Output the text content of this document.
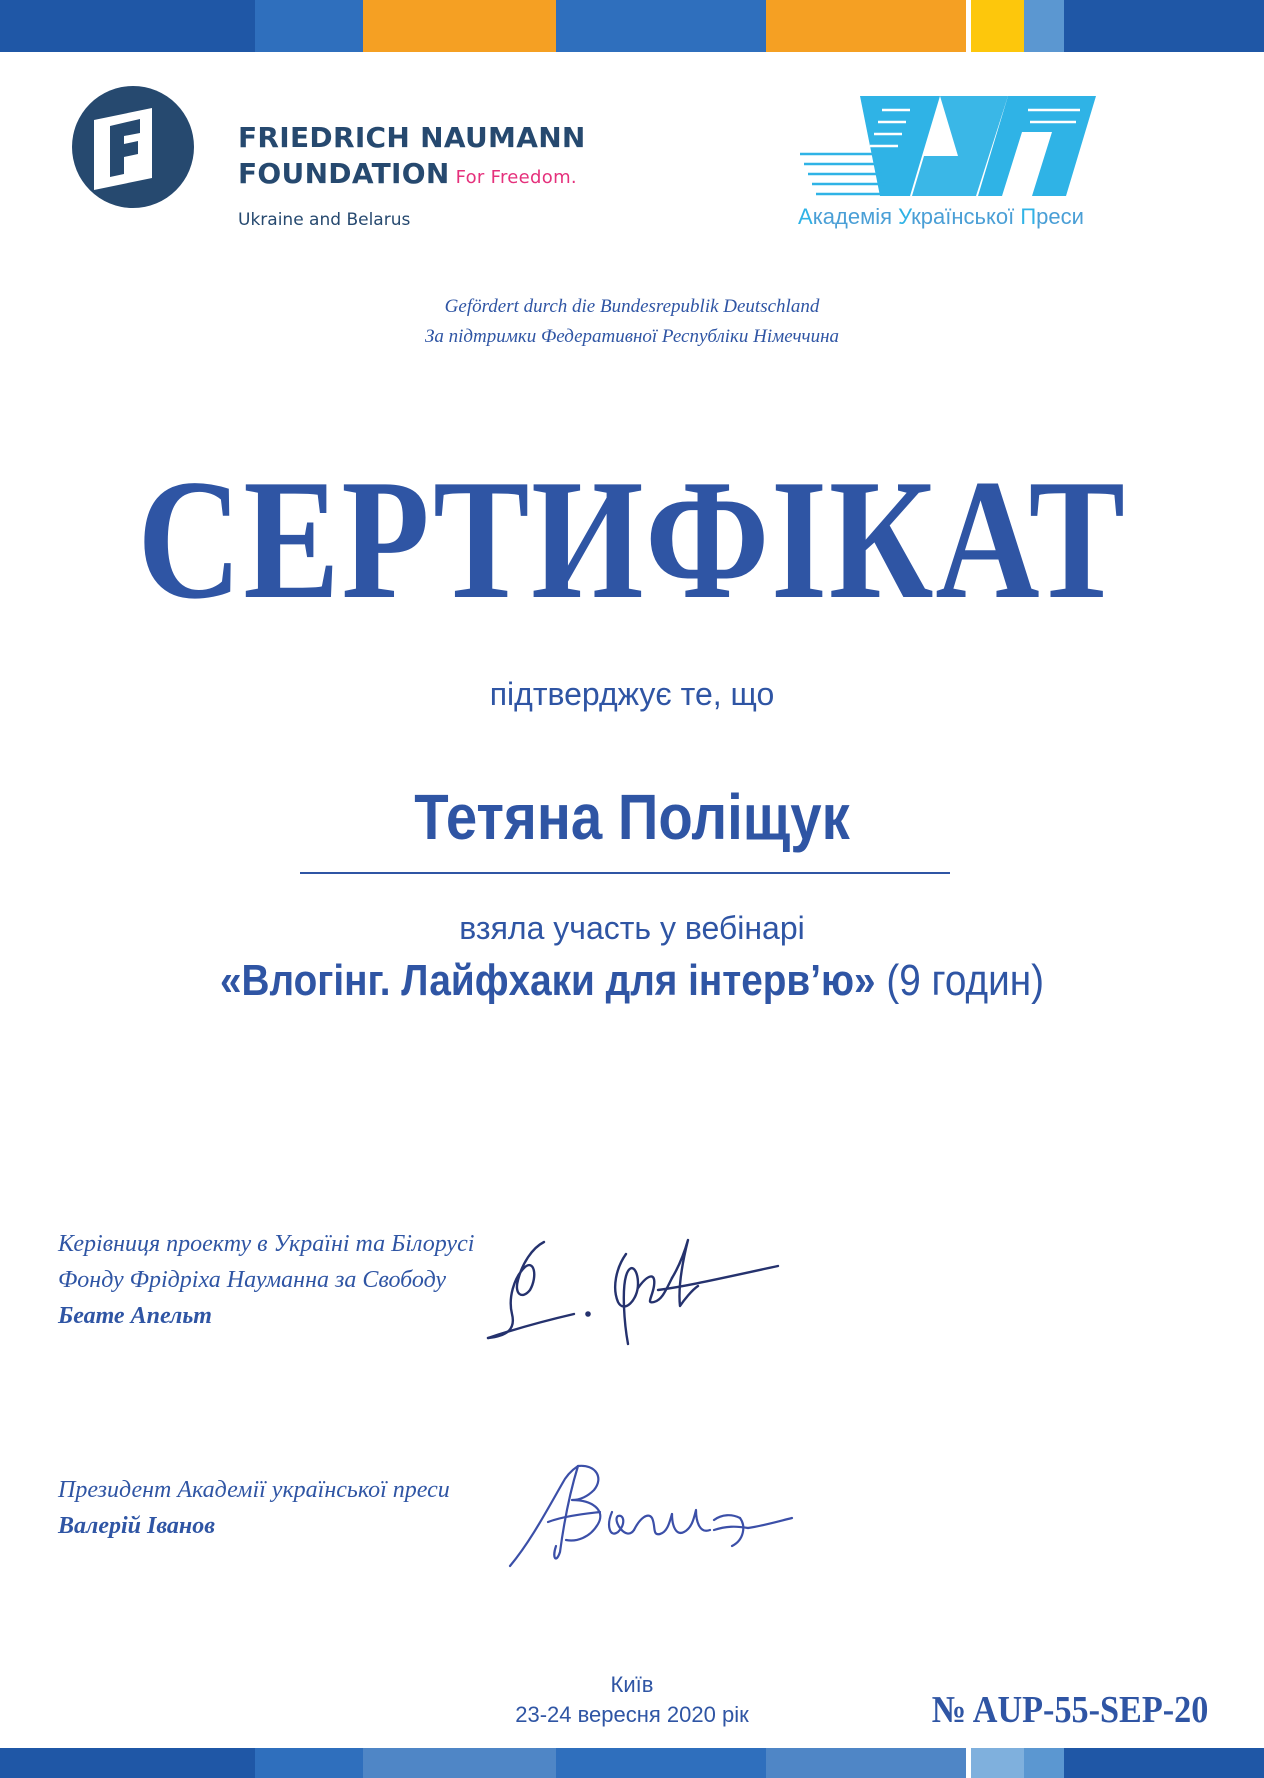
FRIEDRICH NAUMANN
FOUNDATION For Freedom.
Ukraine and Belarus	Академія Української Преси
Gefördert durch die Bundesrepublik Deutschland
За підтримки Федеративної Республіки Німеччина
СЕРТИФІКАТ
підтверджує те, що
Тетяна Поліщук
взяла участь у вебінарі
«Влогінг. Лайфхаки для інтерв’ю» (9 годин)
Керівниця проекту в Україні та Білорусі
Фонду Фрідріха Науманна за Свободу
Беате Апельт
Президент Академії української преси
Валерій Іванов
Київ
23-24 вересня 2020 рік	№ AUP-55-SEP-20
